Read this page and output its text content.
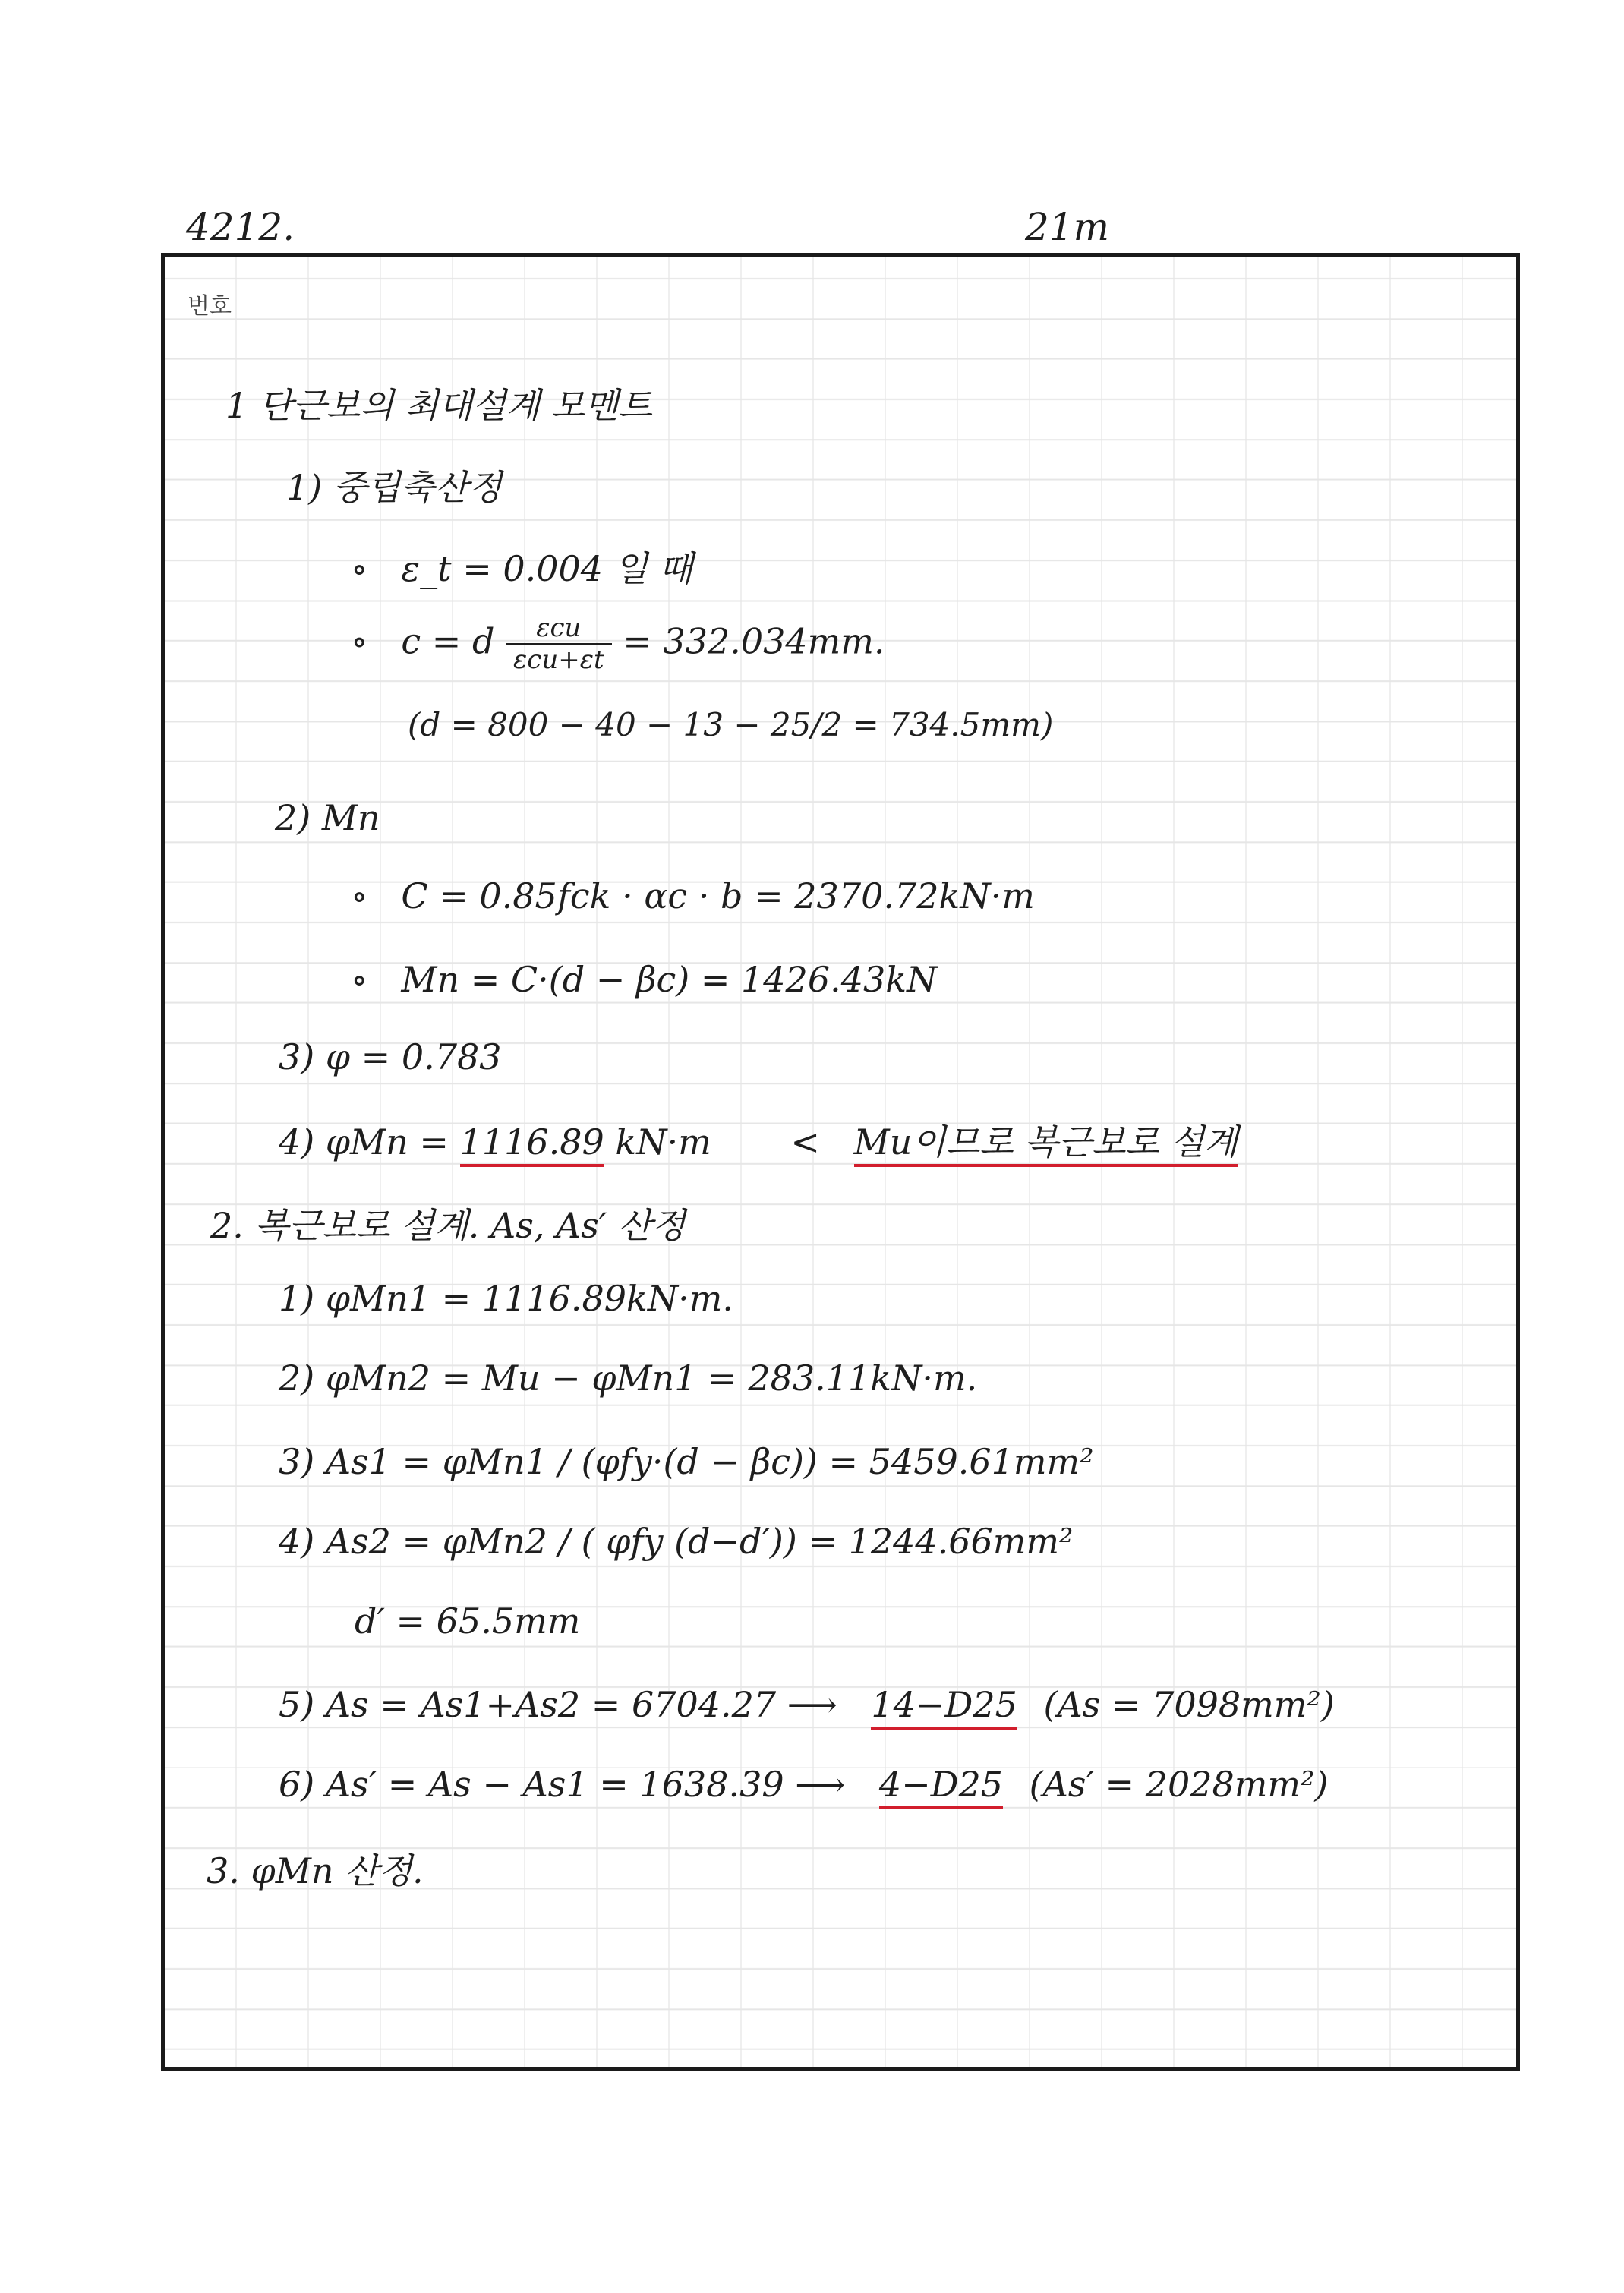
4212.	21m
번호
1 단근보의 최대설계 모멘트
1) 중립축산정
∘   ε_t = 0.004 일 때
∘   c = d $\frac{\text{εcu}}{\text{εcu+εt}} = 332.034mm$.
(d = 800 − 40 − 13 − 25/2 = 734.5mm)
2) Mn
∘   C = 0.85fck · αc · b = 2370.72kN·m
∘   Mn = C·(d − βc) = 1426.43kN
3) φ = 0.783
4) φMn = 1116.89 kN·m < Mu이므로 복근보로 설계
2. 복근보로 설계. As, As′ 산정
1) φMn1 = 1116.89kN·m.
2) φMn2 = Mu − φMn1 = 283.11kN·m.
3) As1 = φMn1 / (φfy·(d − βc)) = 5459.61mm²
4) As2 = φMn2 / ( φfy (d−d′)) = 1244.66mm²
d′ = 65.5mm
5) As = As1+As2 = 6704.27 ⟶ 14−D25 (As = 7098mm²)
6) As′ = As − As1 = 1638.39 ⟶ 4−D25 (As′ = 2028mm²)
3. φMn 산정.
